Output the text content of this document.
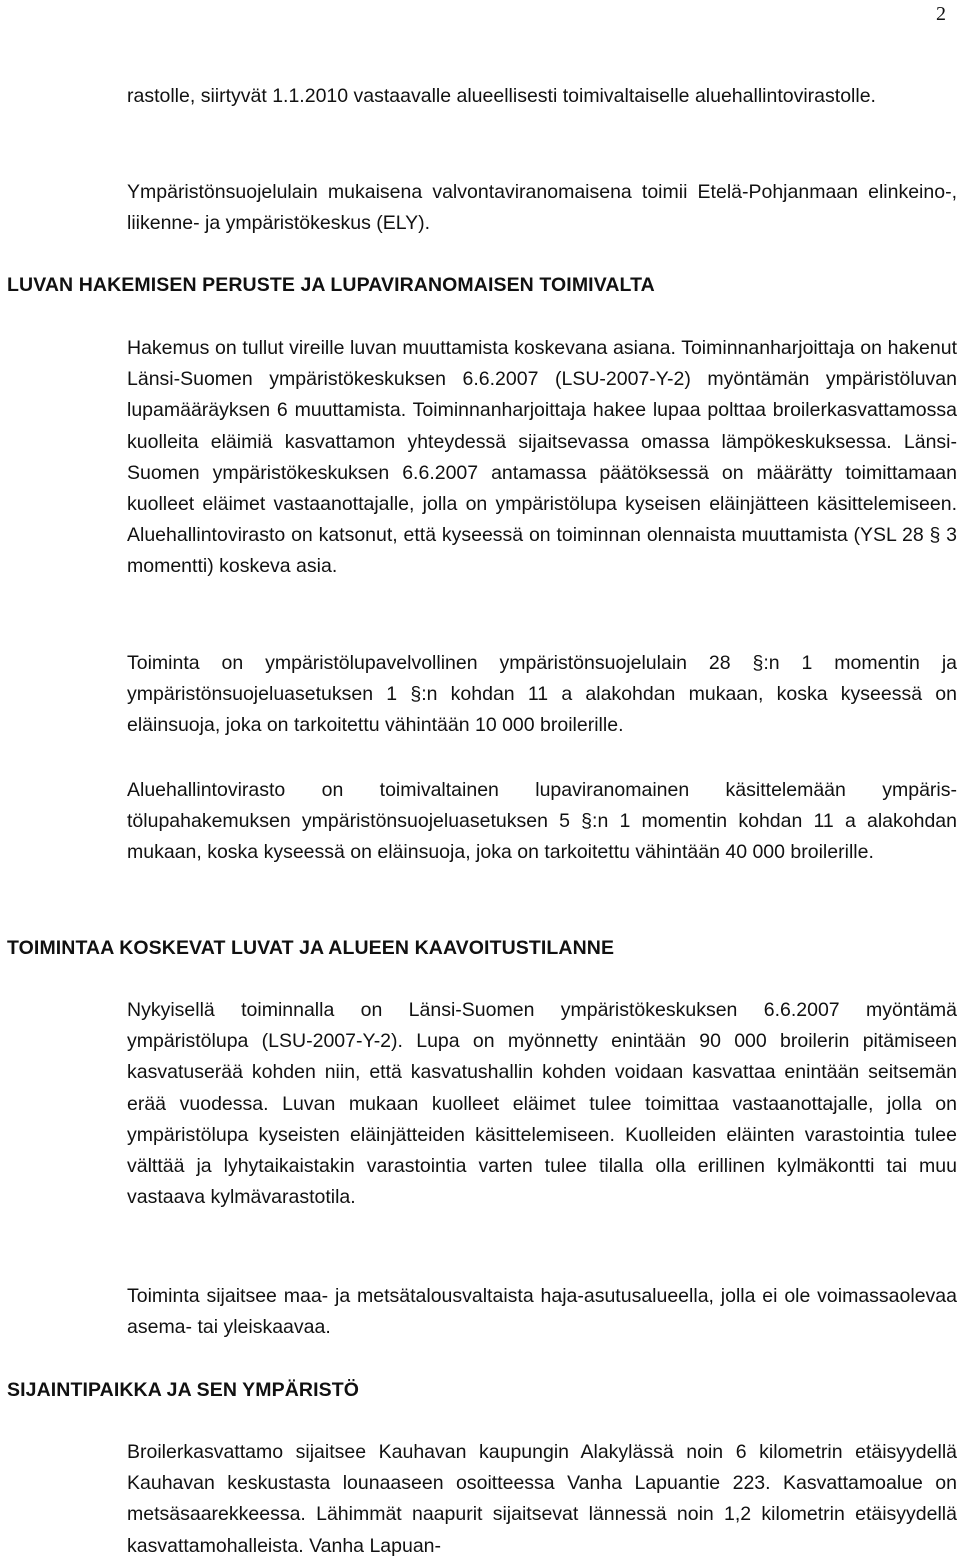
2

rastolle, siirtyvät 1.1.2010 vastaavalle alueellisesti toimivaltaiselle aluehallintovirastolle.

Ympäristönsuojelulain mukaisena valvontaviranomaisena toimii Etelä-Pohjanmaan elinkeino-, liikenne- ja ympäristökeskus (ELY).

LUVAN HAKEMISEN PERUSTE JA LUPAVIRANOMAISEN TOIMIVALTA

Hakemus on tullut vireille luvan muuttamista koskevana asiana. Toiminnanharjoittaja on hakenut Länsi-Suomen ympäristökeskuksen 6.6.2007 (LSU-2007-Y-2) myöntämän ympäristöluvan lupamääräyksen 6 muuttamista. Toiminnanharjoittaja hakee lupaa polttaa broilerkasvattamossa kuolleita eläimiä kasvattamon yhteydessä sijaitsevassa omassa lämpökeskuksessa. Länsi-Suomen ympäristökeskuksen 6.6.2007 antamassa päätöksessä on määrätty toimittamaan kuolleet eläimet vastaanottajalle, jolla on ympäristölupa kyseisen eläinjätteen käsittelemiseen. Aluehallintovirasto on katsonut, että kyseessä on toiminnan olennaista muuttamista (YSL 28 § 3 momentti) koskeva asia.

Toiminta on ympäristölupavelvollinen ympäristönsuojelulain 28 §:n 1 momentin ja ympäristönsuojeluasetuksen 1 §:n kohdan 11 a alakohdan mukaan, koska kyseessä on eläinsuoja, joka on tarkoitettu vähintään 10 000 broilerille.

Aluehallintovirasto on toimivaltainen lupaviranomainen käsittelemään ympäristölupahakemuksen ympäristönsuojeluasetuksen 5 §:n 1 momentin kohdan 11 a alakohdan mukaan, koska kyseessä on eläinsuoja, joka on tarkoitettu vähintään 40 000 broilerille.

TOIMINTAA KOSKEVAT LUVAT JA ALUEEN KAAVOITUSTILANNE

Nykyisellä toiminnalla on Länsi-Suomen ympäristökeskuksen 6.6.2007 myöntämä ympäristölupa (LSU-2007-Y-2). Lupa on myönnetty enintään 90 000 broilerin pitämiseen kasvatuserää kohden niin, että kasvatushallin kohden voidaan kasvattaa enintään seitsemän erää vuodessa. Luvan mukaan kuolleet eläimet tulee toimittaa vastaanottajalle, jolla on ympäristölupa kyseisten eläinjätteiden käsittelemiseen. Kuolleiden eläinten varastointia tulee välttää ja lyhytaikaistakin varastointia varten tulee tilalla olla erillinen kylmäkontti tai muu vastaava kylmävarastotila.

Toiminta sijaitsee maa- ja metsätalousvaltaista haja-asutusalueella, jolla ei ole voimassaolevaa asema- tai yleiskaavaa.

SIJAINTIPAIKKA JA SEN YMPÄRISTÖ

Broilerkasvattamo sijaitsee Kauhavan kaupungin Alakylässä noin 6 kilometrin etäisyydellä Kauhavan keskustasta lounaaseen osoitteessa Vanha Lapuantie 223. Kasvattamoalue on metsäsaarekkeessa. Lähimmät naapurit sijaitsevat lännessä noin 1,2 kilometrin etäisyydellä kasvattamohalleista. Vanha Lapuan-
